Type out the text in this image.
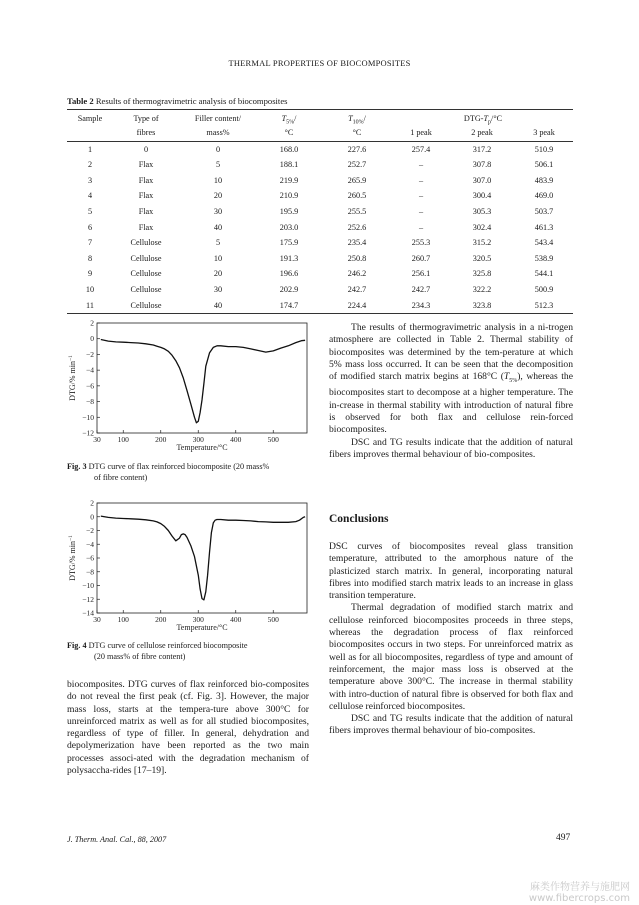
THERMAL PROPERTIES OF BIOCOMPOSITES
Table 2 Results of thermogravimetric analysis of biocomposites
Sample	Type of	Filler content/	$T_{5\%}/$	$T_{10\%}/$	DTG-$T_p/^\circ C$		
	fibres	mass%	°C	°C	1 peak	2 peak	3 peak
1	0	0	168.0	227.6	257.4	317.2	510.9
2	Flax	5	188.1	252.7	–	307.8	506.1
3	Flax	10	219.9	265.9	–	307.0	483.9
4	Flax	20	210.9	260.5	–	300.4	469.0
5	Flax	30	195.9	255.5	–	305.3	503.7
6	Flax	40	203.0	252.6	–	302.4	461.3
7	Cellulose	5	175.9	235.4	255.3	315.2	543.4
8	Cellulose	10	191.3	250.8	260.7	320.5	538.9
9	Cellulose	20	196.6	246.2	256.1	325.8	544.1
10	Cellulose	30	202.9	242.7	242.7	322.2	500.9
11	Cellulose	40	174.7	224.4	234.3	323.8	512.3
30 100	200	300	400	500
2
0
−2
−4
−6
−8
−10
−12
Temperature/°C
DTG/% $\min^{-1}$
Fig. 3 DTG curve of flax reinforced biocomposite (20 mass%
of fibre content)
30 100	200	300	400	500
2
0
−2
−4
−6
−8
−10
−12
−14
Temperature/°C
DTG/% $\min^{-1}$
Fig. 4 DTG curve of cellulose reinforced biocomposite
(20 mass% of fibre content)

biocomposites. DTG curves of flax reinforced bio-composites do not reveal the first peak (cf. Fig. 3]. However, the major mass loss, starts at the tempera-ture above 300°C for unreinforced matrix as well as for all studied biocomposites, regardless of type of filler. In general, dehydration and depolymerization have been reported as the two main processes associ-ated with the degradation mechanism of polysaccha-rides [17–19].

The results of thermogravimetric analysis in a ni-trogen atmosphere are collected in Table 2. Thermal stability of biocomposites was determined by the tem-perature at which 5% mass loss occurred. It can be seen that the decomposition of modified starch matrix begins at 168°C $(T_{5\%})$, whereas the biocomposites start to decompose at a higher temperature. The in-crease in thermal stability with introduction of natural fibre is observed for both flax and cellulose rein-forced biocomposites.

DSC and TG results indicate that the addition of natural fibers improves thermal behaviour of bio-composites.

Conclusions

DSC curves of biocomposites reveal glass transition temperature, attributed to the amorphous nature of the plasticized starch matrix. In general, incorporating natural fibres into modified starch matrix leads to an increase in glass transition temperature.

Thermal degradation of modified starch matrix and cellulose reinforced biocomposites proceeds in three steps, whereas the degradation process of flax reinforced biocomposites occurs in two steps. For unreinforced matrix as well as for all biocomposites, regardless of type and amount of reinforcement, the major mass loss is observed at the temperature above 300°C. The increase in thermal stability with intro-duction of natural fibre is observed for both flax and cellulose reinforced biocomposites.

DSC and TG results indicate that the addition of natural fibers improves thermal behaviour of bio-composites.

J. Therm. Anal. Cal., 88, 2007	497
麻类作物营养与施肥网
www.fibercrops.com
